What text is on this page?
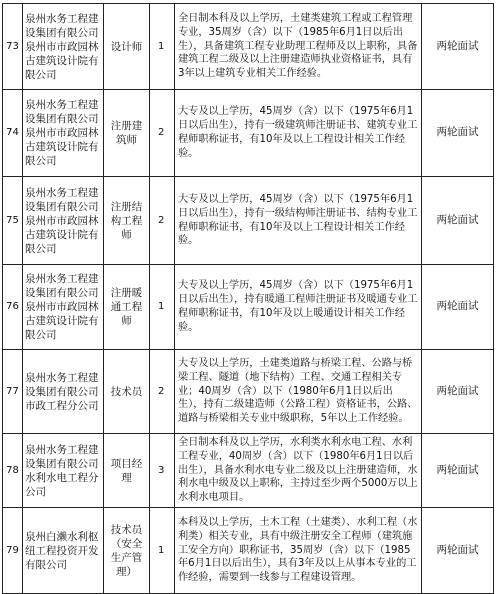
73	泉州水务工程建设集团有限公司泉州市市政园林古建筑设计院有限公司	设计师	1	全日制本科及以上学历，土建类建筑工程或工程管理专业，35周岁（含）以下（1985年6月1日以后出生），具备建筑工程专业助理工程师及以上职称，具备建筑工程二级及以上注册建造师执业资格证书，具有3年以上建筑专业相关工作经验。	两轮面试
74	泉州水务工程建设集团有限公司泉州市市政园林古建筑设计院有限公司	注册建筑师	2	大专及以上学历，45周岁（含）以下（1975年6月1日以后出生），持有一级建筑师注册证书、建筑专业工程师职称证书，有10年及以上工程设计相关工作经验。	两轮面试
75	泉州水务工程建设集团有限公司泉州市市政园林古建筑设计院有限公司	注册结构工程师	2	大专及以上学历，45周岁（含）以下（1975年6月1日以后出生），持有一级结构师注册证书、结构专业工程师职称证书，有10年及以上工程设计相关工作经验。	两轮面试
76	泉州水务工程建设集团有限公司泉州市市政园林古建筑设计院有限公司	注册暖通工程师	1	大专及以上学历，45周岁（含）以下（1975年6月1日以后出生），持有暖通工程师注册证书及暖通专业工程师职称证书，有10年及以上暖通设计相关工作经验。	两轮面试
77	泉州水务工程建设集团有限公司市政工程分公司	技术员	2	大专及以上学历，土建类道路与桥梁工程、公路与桥梁工程、隧道（地下结构）工程、交通工程相关专业；40周岁（含）以下（1980年6月1日以后出生），持有二级建造师（公路工程）资格证书，公路、道路与桥梁相关专业中级职称，5年以上工作经验。	两轮面试
78	泉州水务工程建设集团有限公司水利水电工程分公司	项目经理	3	全日制本科及以上学历，水利类水利水电工程、水利工程专业，40周岁（含）以下（1980年6月1日以后出生），具备水利水电专业二级及以上注册建造师，水利水电中级及以上职称，主持过至少两个5000万以上水利水电项目。	两轮面试
79	泉州白濑水利枢纽工程投资开发有限公司	技术员（安全生产管理）	1	本科及以上学历，土木工程（土建类）、水利工程（水利类）相关专业，具有中级注册安全工程师（建筑施工安全方向）职称证书，35周岁（含）以下（1985年6月1日以后出生），具有3年及以上从事本专业的工作经验，需要到一线参与工程建设管理。	两轮面试
